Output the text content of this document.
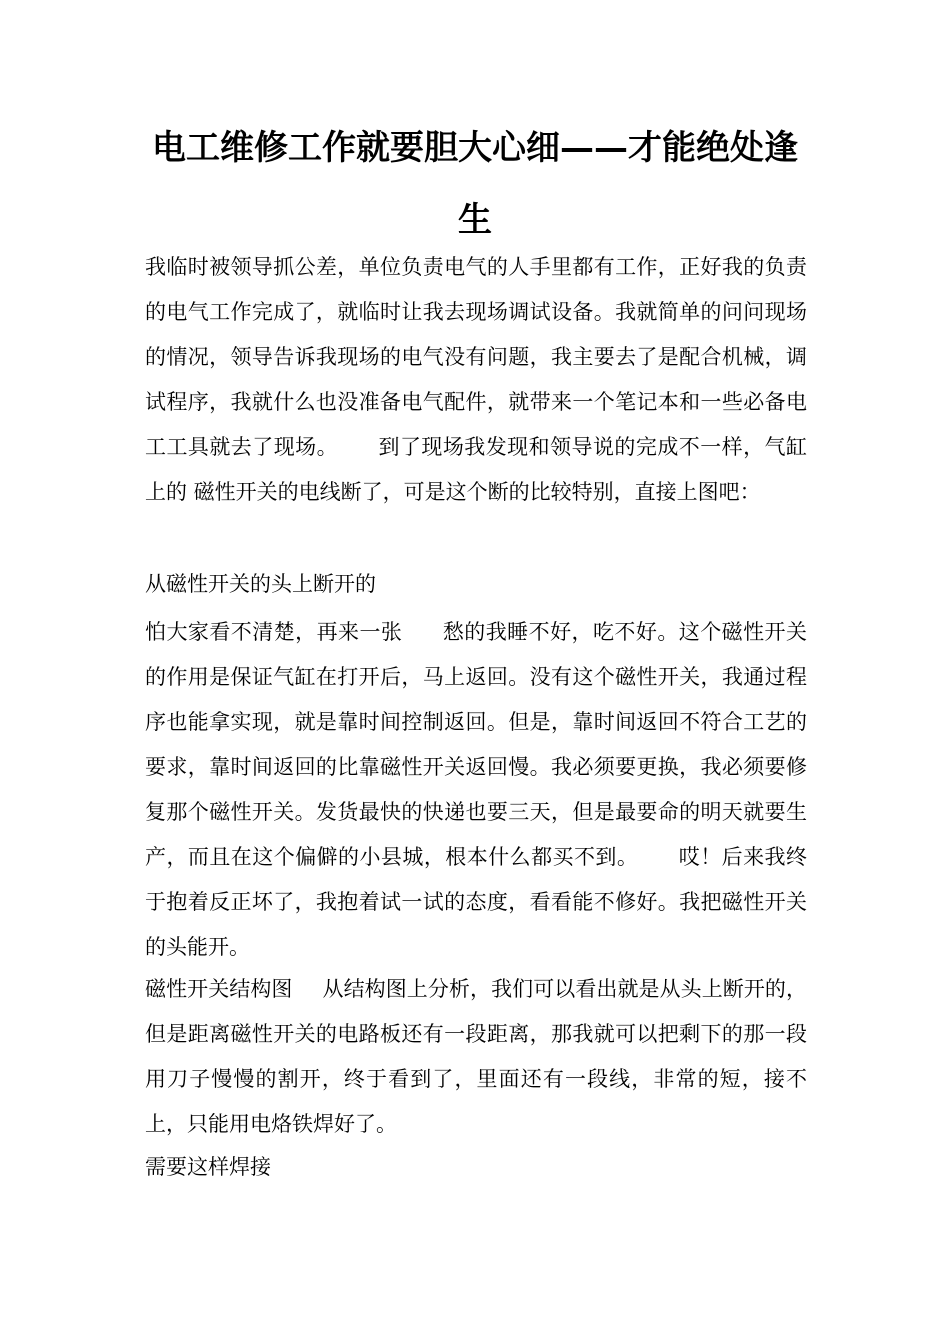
电工维修工作就要胆大心细——才能绝处逢生

我临时被领导抓公差，单位负责电气的人手里都有工作，正好我的负责的电气工作完成了，就临时让我去现场调试设备。我就简单的问问现场的情况，领导告诉我现场的电气没有问题，我主要去了是配合机械，调试程序，我就什么也没准备电气配件，就带来一个笔记本和一些必备电工工具就去了现场。 到了现场我发现和领导说的完成不一样，气缸上的 磁性开关的电线断了，可是这个断的比较特别，直接上图吧：

从磁性开关的头上断开的

怕大家看不清楚，再来一张 愁的我睡不好，吃不好。这个磁性开关的作用是保证气缸在打开后，马上返回。没有这个磁性开关，我通过程序也能拿实现，就是靠时间控制返回。但是，靠时间返回不符合工艺的要求，靠时间返回的比靠磁性开关返回慢。我必须要更换，我必须要修复那个磁性开关。发货最快的快递也要三天，但是最要命的明天就要生产，而且在这个偏僻的小县城，根本什么都买不到。 哎！后来我终于抱着反正坏了，我抱着试一试的态度，看看能不修好。我把磁性开关的头能开。

磁性开关结构图 从结构图上分析，我们可以看出就是从头上断开的，但是距离磁性开关的电路板还有一段距离，那我就可以把剩下的那一段用刀子慢慢的割开，终于看到了，里面还有一段线，非常的短，接不上，只能用电烙铁焊好了。

需要这样焊接
